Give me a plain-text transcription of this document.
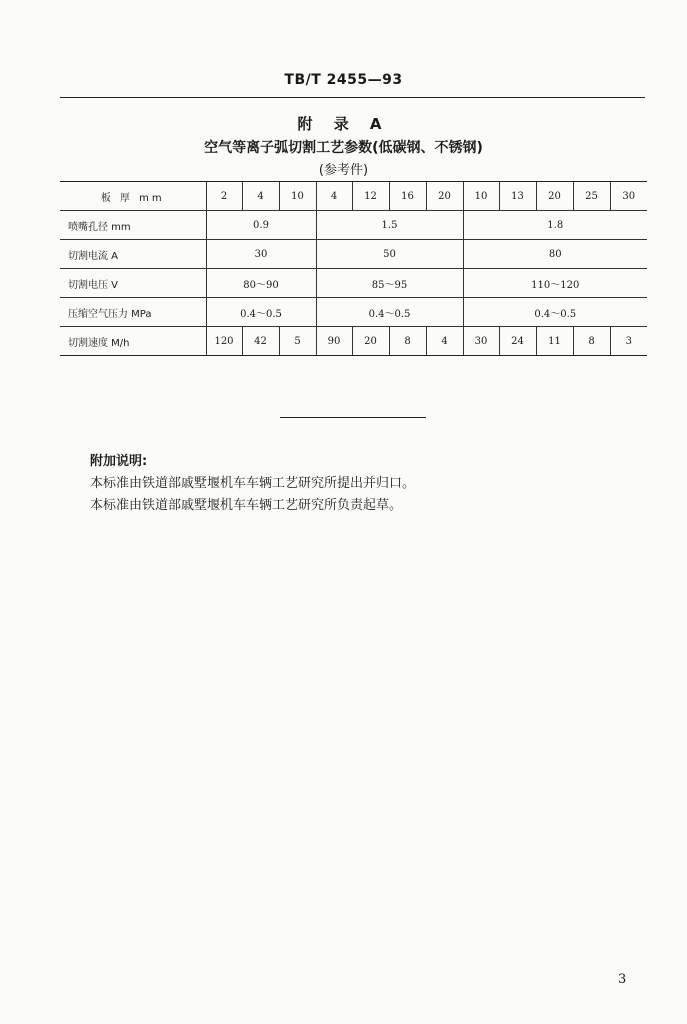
TB/T 2455—93
附 录 A
空气等离子弧切割工艺参数(低碳钢、不锈钢)
(参考件)
板 厚 mm	2	4	10	4	12	16	20	10	13	20	25	30
喷嘴孔径 mm	0.9			1.5				1.8				
切割电流 A	30			50				80				
切割电压 V	80～90			85～95				110～120				
压缩空气压力 MPa	0.4～0.5			0.4～0.5				0.4～0.5				
切割速度 M/h	120	42	5	90	20	8	4	30	24	11	8	3
附加说明:
本标准由铁道部戚墅堰机车车辆工艺研究所提出并归口。
本标准由铁道部戚墅堰机车车辆工艺研究所负责起草。
3
